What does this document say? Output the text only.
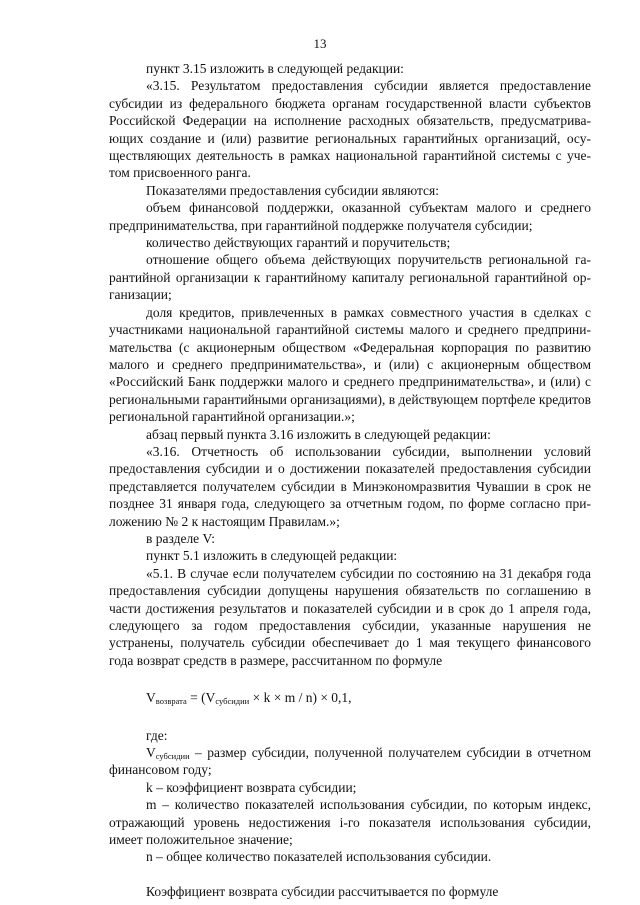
13

пункт 3.15 изложить в следующей редакции:

«3.15. Результатом предоставления субсидии является предоставление субсидии из федерального бюджета органам государственной власти субъектов Российской Федерации на исполнение расходных обязательств, предусматривающих создание и (или) развитие региональных гарантийных организаций, осуществляющих деятельность в рамках национальной гарантийной системы с учетом присвоенного ранга.

Показателями предоставления субсидии являются:

объем финансовой поддержки, оказанной субъектам малого и среднего предпринимательства, при гарантийной поддержке получателя субсидии;

количество действующих гарантий и поручительств;

отношение общего объема действующих поручительств региональной гарантийной организации к гарантийному капиталу региональной гарантийной организации;

доля кредитов, привлеченных в рамках совместного участия в сделках с участниками национальной гарантийной системы малого и среднего предпринимательства (с акционерным обществом «Федеральная корпорация по развитию малого и среднего предпринимательства», и (или) с акционерным обществом «Российский Банк поддержки малого и среднего предпринимательства», и (или) с региональными гарантийными организациями), в действующем портфеле кредитов региональной гарантийной организации.»;

абзац первый пункта 3.16 изложить в следующей редакции:

«3.16. Отчетность об использовании субсидии, выполнении условий предоставления субсидии и о достижении показателей предоставления субсидии представляется получателем субсидии в Минэкономразвития Чувашии в срок не позднее 31 января года, следующего за отчетным годом, по форме согласно приложению № 2 к настоящим Правилам.»;

в разделе V:

пункт 5.1 изложить в следующей редакции:

«5.1. В случае если получателем субсидии по состоянию на 31 декабря года предоставления субсидии допущены нарушения обязательств по соглашению в части достижения результатов и показателей субсидии и в срок до 1 апреля года, следующего за годом предоставления субсидии, указанные нарушения не устранены, получатель субсидии обеспечивает до 1 мая текущего финансового года возврат средств в размере, рассчитанном по формуле

$V_{возврата} = (V_{субсидии} \times k \times m / n) \times 0,1$,

где:

$V_{субсидии}$ – размер субсидии, полученной получателем субсидии в отчетном финансовом году;

k – коэффициент возврата субсидии;

m – количество показателей использования субсидии, по которым индекс, отражающий уровень недостижения i-го показателя использования субсидии, имеет положительное значение;

n – общее количество показателей использования субсидии.

Коэффициент возврата субсидии рассчитывается по формуле
